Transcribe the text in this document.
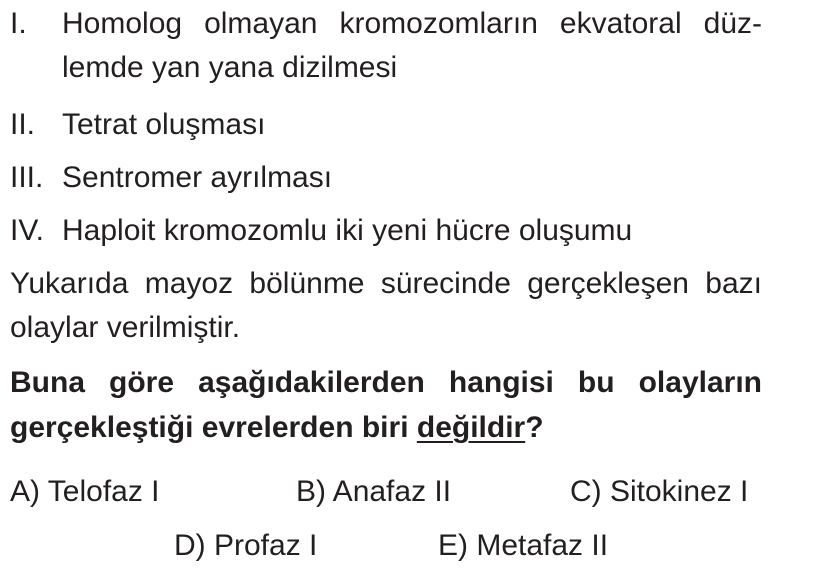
I. Homolog olmayan kromozomların ekvatoral düz-
lemde yan yana dizilmesi
II. Tetrat oluşması
III. Sentromer ayrılması
IV. Haploit kromozomlu iki yeni hücre oluşumu
Yukarıda mayoz bölünme sürecinde gerçekleşen bazı
olaylar verilmiştir.
Buna göre aşağıdakilerden hangisi bu olayların
gerçekleştiği evrelerden biri değildir?
A) Telofaz I	B) Anafaz II	C) Sitokinez I
D) Profaz I	E) Metafaz II
